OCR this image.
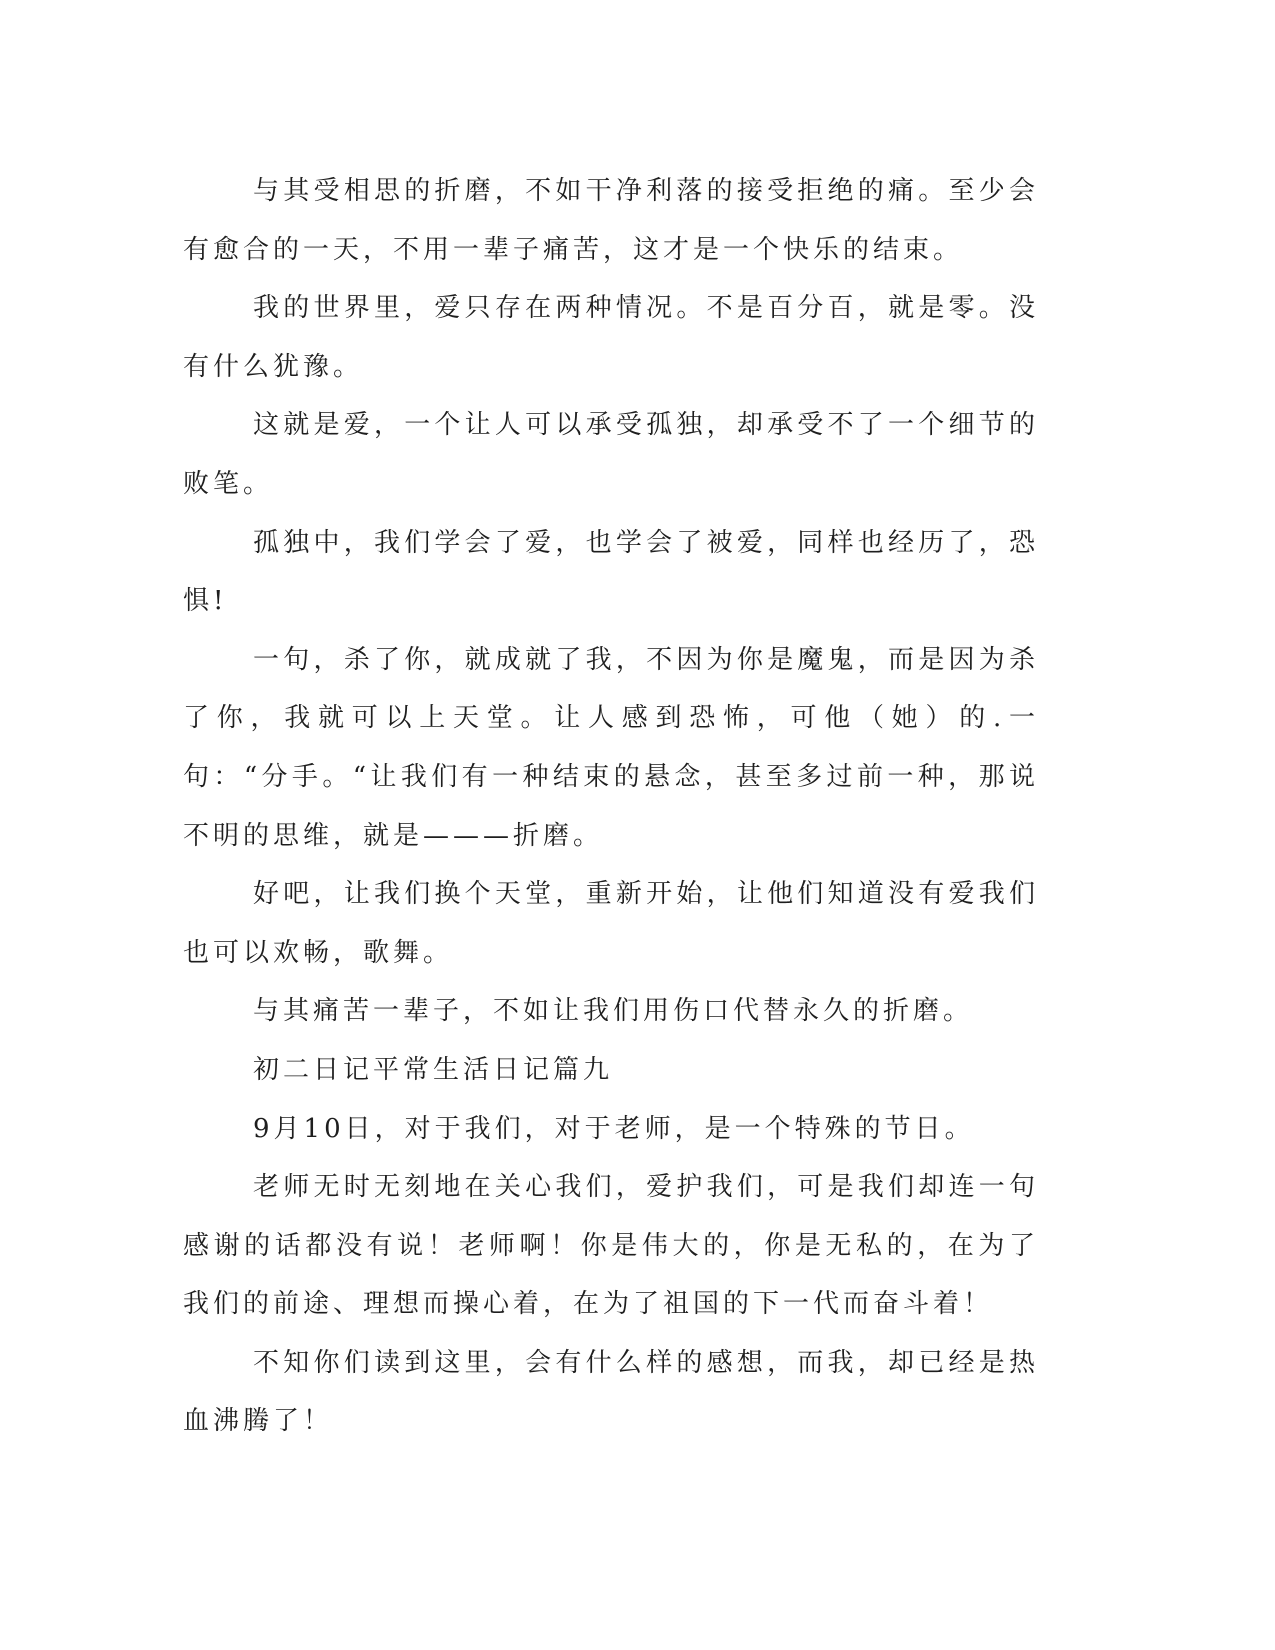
与其受相思的折磨，不如干净利落的接受拒绝的痛。至少会有愈合的一天，不用一辈子痛苦，这才是一个快乐的结束。

我的世界里，爱只存在两种情况。不是百分百，就是零。没有什么犹豫。

这就是爱，一个让人可以承受孤独，却承受不了一个细节的败笔。

孤独中，我们学会了爱，也学会了被爱，同样也经历了，恐惧!

一句，杀了你，就成就了我，不因为你是魔鬼，而是因为杀了你，我就可以上天堂。让人感到恐怖，可他（她）的.一句：“分手。“让我们有一种结束的悬念，甚至多过前一种，那说不明的思维，就是———折磨。

好吧，让我们换个天堂，重新开始，让他们知道没有爱我们也可以欢畅，歌舞。

与其痛苦一辈子，不如让我们用伤口代替永久的折磨。

初二日记平常生活日记篇九

9月10日，对于我们，对于老师，是一个特殊的节日。

老师无时无刻地在关心我们，爱护我们，可是我们却连一句感谢的话都没有说！老师啊！你是伟大的，你是无私的，在为了我们的前途、理想而操心着，在为了祖国的下一代而奋斗着！

不知你们读到这里，会有什么样的感想，而我，却已经是热血沸腾了！
